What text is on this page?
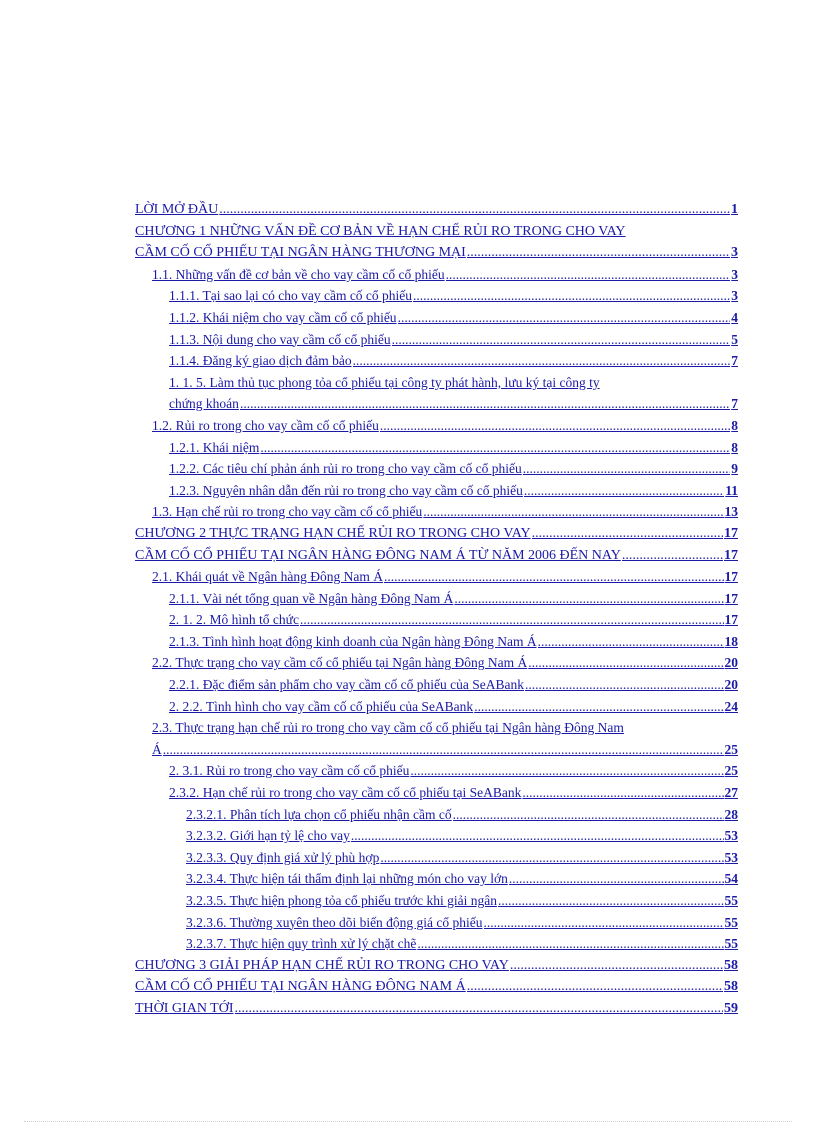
LỜI MỞ ĐẦU .....	1
CHƯƠNG 1 NHỮNG VẤN ĐỀ CƠ BẢN VỀ HẠN CHẾ RỦI RO TRONG CHO VAY
CẦM CỐ CỔ PHIẾU TẠI NGÂN HÀNG THƯƠNG MẠI .....	3
1.1. Những vấn đề cơ bản về cho vay cầm cố cổ phiếu .....	3
1.1.1. Tại sao lại có cho vay cầm cố cổ phiếu .....	3
1.1.2. Khái niệm cho vay cầm cố cổ phiếu .....	4
1.1.3. Nội dung cho vay cầm cố cổ phiếu .....	5
1.1.4. Đăng ký giao dịch đảm bảo .....	7
1. 1. 5. Làm thủ tục phong tỏa cổ phiếu tại công ty phát hành, lưu ký tại công ty
chứng khoán .....	7
1.2. Rủi ro trong cho vay cầm cố cổ phiếu .....	8
1.2.1. Khái niệm .....	8
1.2.2. Các tiêu chí phản ánh rủi ro trong cho vay cầm cố cổ phiếu .....	9
1.2.3. Nguyên nhân dẫn đến rủi ro trong cho vay cầm cố cổ phiếu .....	11
1.3. Hạn chế rủi ro trong cho vay cầm cố cổ phiếu .....	13
CHƯƠNG 2 THỰC TRẠNG HẠN CHẾ RỦI RO TRONG CHO VAY .....	17
CẦM CỐ CỔ PHIẾU TẠI NGÂN HÀNG ĐÔNG NAM Á TỪ NĂM 2006 ĐẾN NAY .....	17
2.1. Khái quát về Ngân hàng Đông Nam Á .....	17
2.1.1. Vài nét tổng quan về Ngân hàng Đông Nam Á .....	17
2. 1. 2. Mô hình tổ chức .....	17
2.1.3. Tình hình hoạt động kinh doanh của Ngân hàng Đông Nam Á .....	18
2.2. Thực trạng cho vay cầm cố cổ phiếu tại Ngân hàng Đông Nam Á .....	20
2.2.1. Đặc điểm sản phẩm cho vay cầm cố cổ phiếu của SeABank .....	20
2. 2.2. Tình hình cho vay cầm cố cổ phiếu của SeABank .....	24
2.3. Thực trạng hạn chế rủi ro trong cho vay cầm cố cổ phiếu tại Ngân hàng Đông Nam
Á .....	25
2. 3.1. Rủi ro trong cho vay cầm cố cổ phiếu .....	25
2.3.2. Hạn chế rủi ro trong cho vay cầm cố cổ phiếu tại SeABank .....	27
2.3.2.1. Phân tích lựa chọn cổ phiếu nhận cầm cố .....	28
3.2.3.2. Giới hạn tỷ lệ cho vay .....	53
3.2.3.3. Quy định giá xử lý phù hợp .....	53
3.2.3.4. Thực hiện tái thẩm định lại những món cho vay lớn .....	54
3.2.3.5. Thực hiện phong tỏa cổ phiếu trước khi giải ngân .....	55
3.2.3.6. Thường xuyên theo dõi biến động giá cổ phiếu .....	55
3.2.3.7. Thực hiện quy trình xử lý chặt chẽ .....	55
CHƯƠNG 3 GIẢI PHÁP HẠN CHẾ RỦI RO TRONG CHO VAY .....	58
CẦM CỐ CỔ PHIẾU TẠI NGÂN HÀNG ĐÔNG NAM Á .....	58
THỜI GIAN TỚI .....	59
